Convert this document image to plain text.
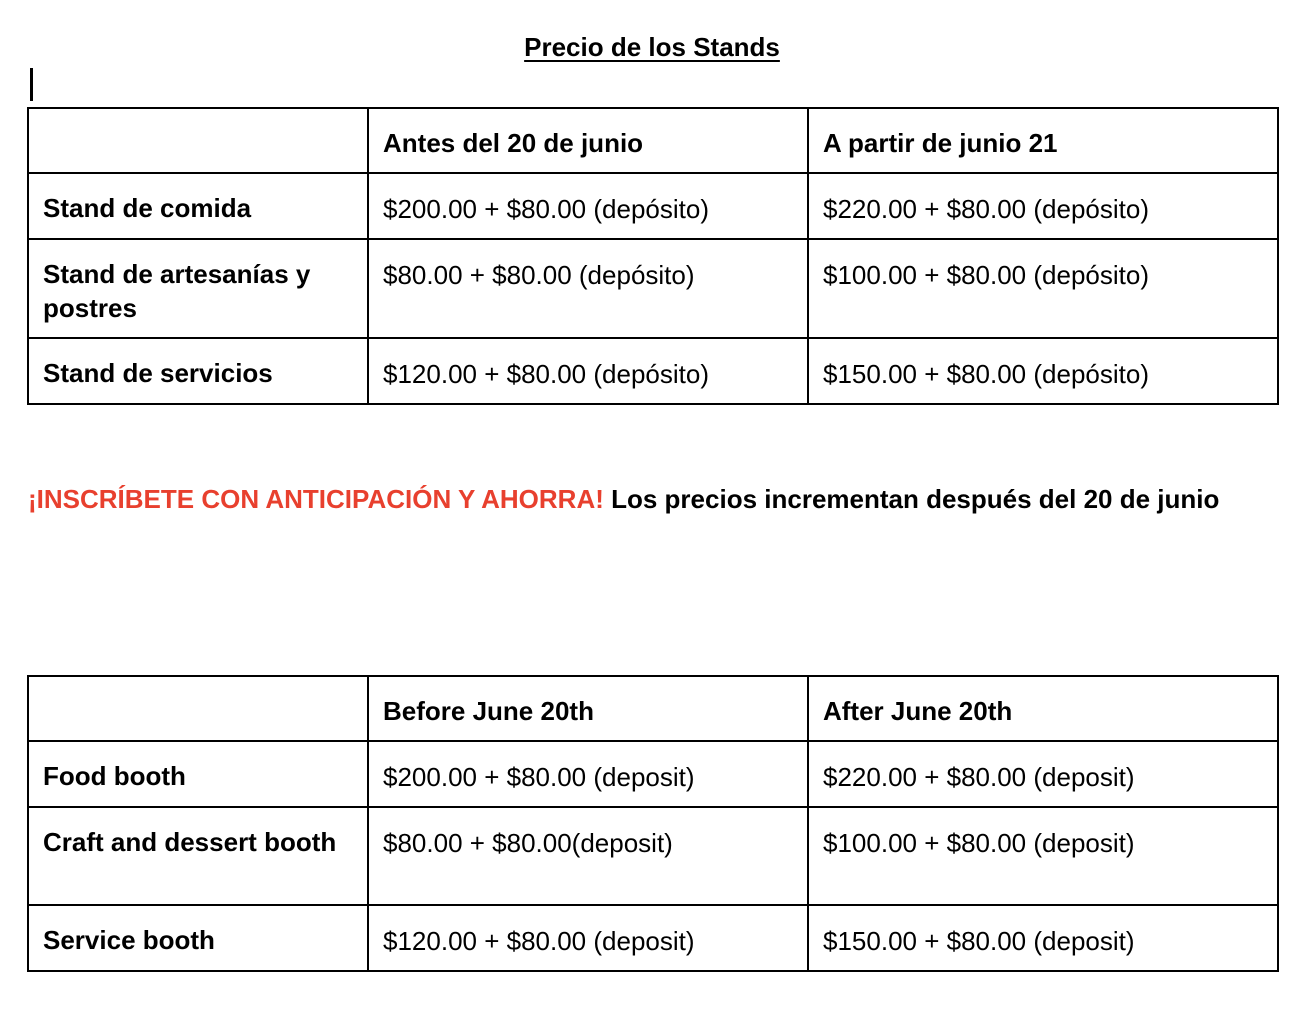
Precio de los Stands
	Antes del 20 de junio	A partir de junio 21
Stand de comida	$200.00 + $80.00 (depósito)	$220.00 + $80.00 (depósito)
Stand de artesanías y postres	$80.00 + $80.00 (depósito)	$100.00 + $80.00 (depósito)
Stand de servicios	$120.00 + $80.00 (depósito)	$150.00 + $80.00 (depósito)
¡INSCRÍBETE CON ANTICIPACIÓN Y AHORRA! Los precios incrementan después del 20 de junio
	Before June 20th	After June 20th
Food booth	$200.00 + $80.00 (deposit)	$220.00 + $80.00 (deposit)
Craft and dessert booth	$80.00 + $80.00(deposit)	$100.00 + $80.00 (deposit)
Service booth	$120.00 + $80.00 (deposit)	$150.00 + $80.00 (deposit)
